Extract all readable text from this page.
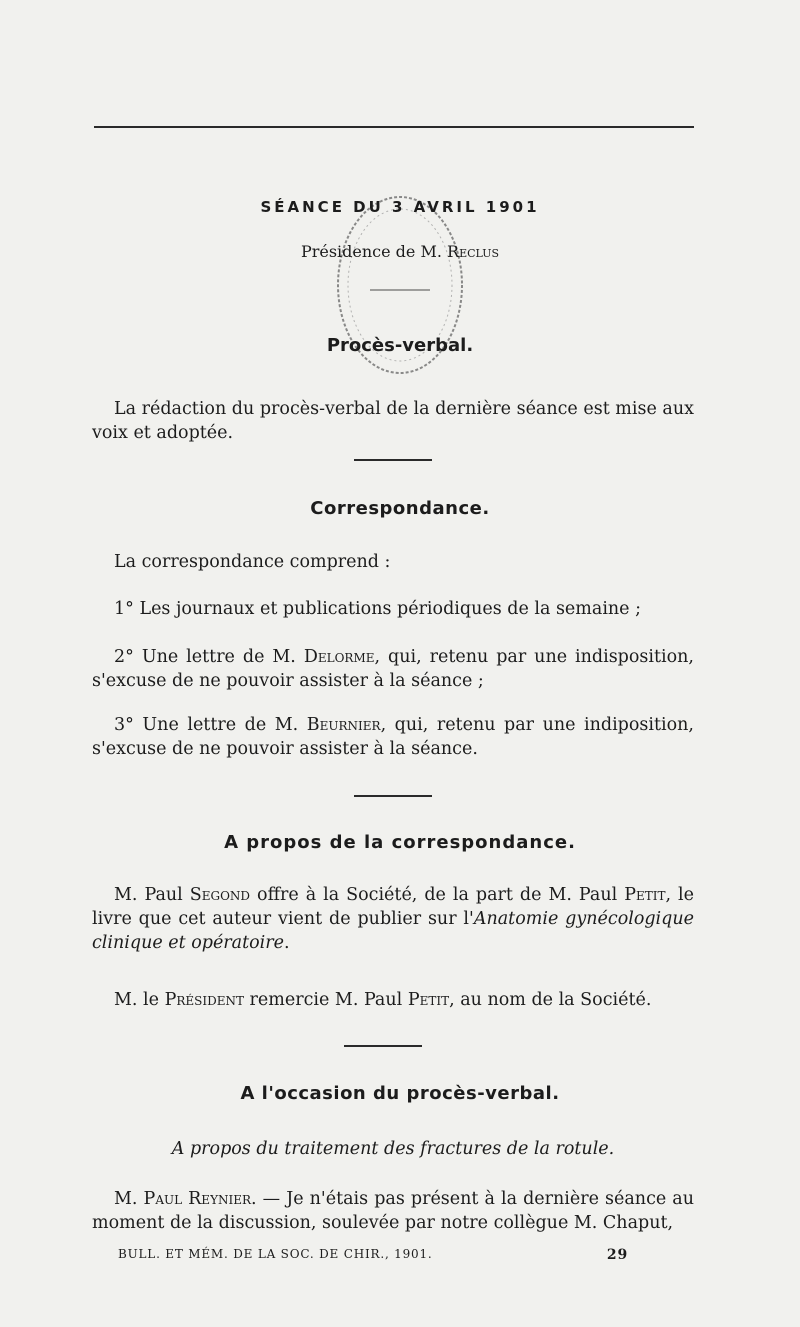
SÉANCE DU 3 AVRIL 1901
Présidence de M. Reclus
Procès-verbal.

La rédaction du procès-verbal de la dernière séance est mise aux voix et adoptée.

Correspondance.

La correspondance comprend :

1° Les journaux et publications périodiques de la semaine ;

2° Une lettre de M. Delorme, qui, retenu par une indisposition, s'excuse de ne pouvoir assister à la séance ;

3° Une lettre de M. Beurnier, qui, retenu par une indiposition, s'excuse de ne pouvoir assister à la séance.

A propos de la correspondance.

M. Paul Segond offre à la Société, de la part de M. Paul Petit, le livre que cet auteur vient de publier sur l'Anatomie gynécologique clinique et opératoire.

M. le Président remercie M. Paul Petit, au nom de la Société.

A l'occasion du procès-verbal.

A propos du traitement des fractures de la rotule.

M. Paul Reynier. — Je n'étais pas présent à la dernière séance au moment de la discussion, soulevée par notre collègue M. Chaput,

BULL. ET MÉM. DE LA SOC. DE CHIR., 1901.	29
